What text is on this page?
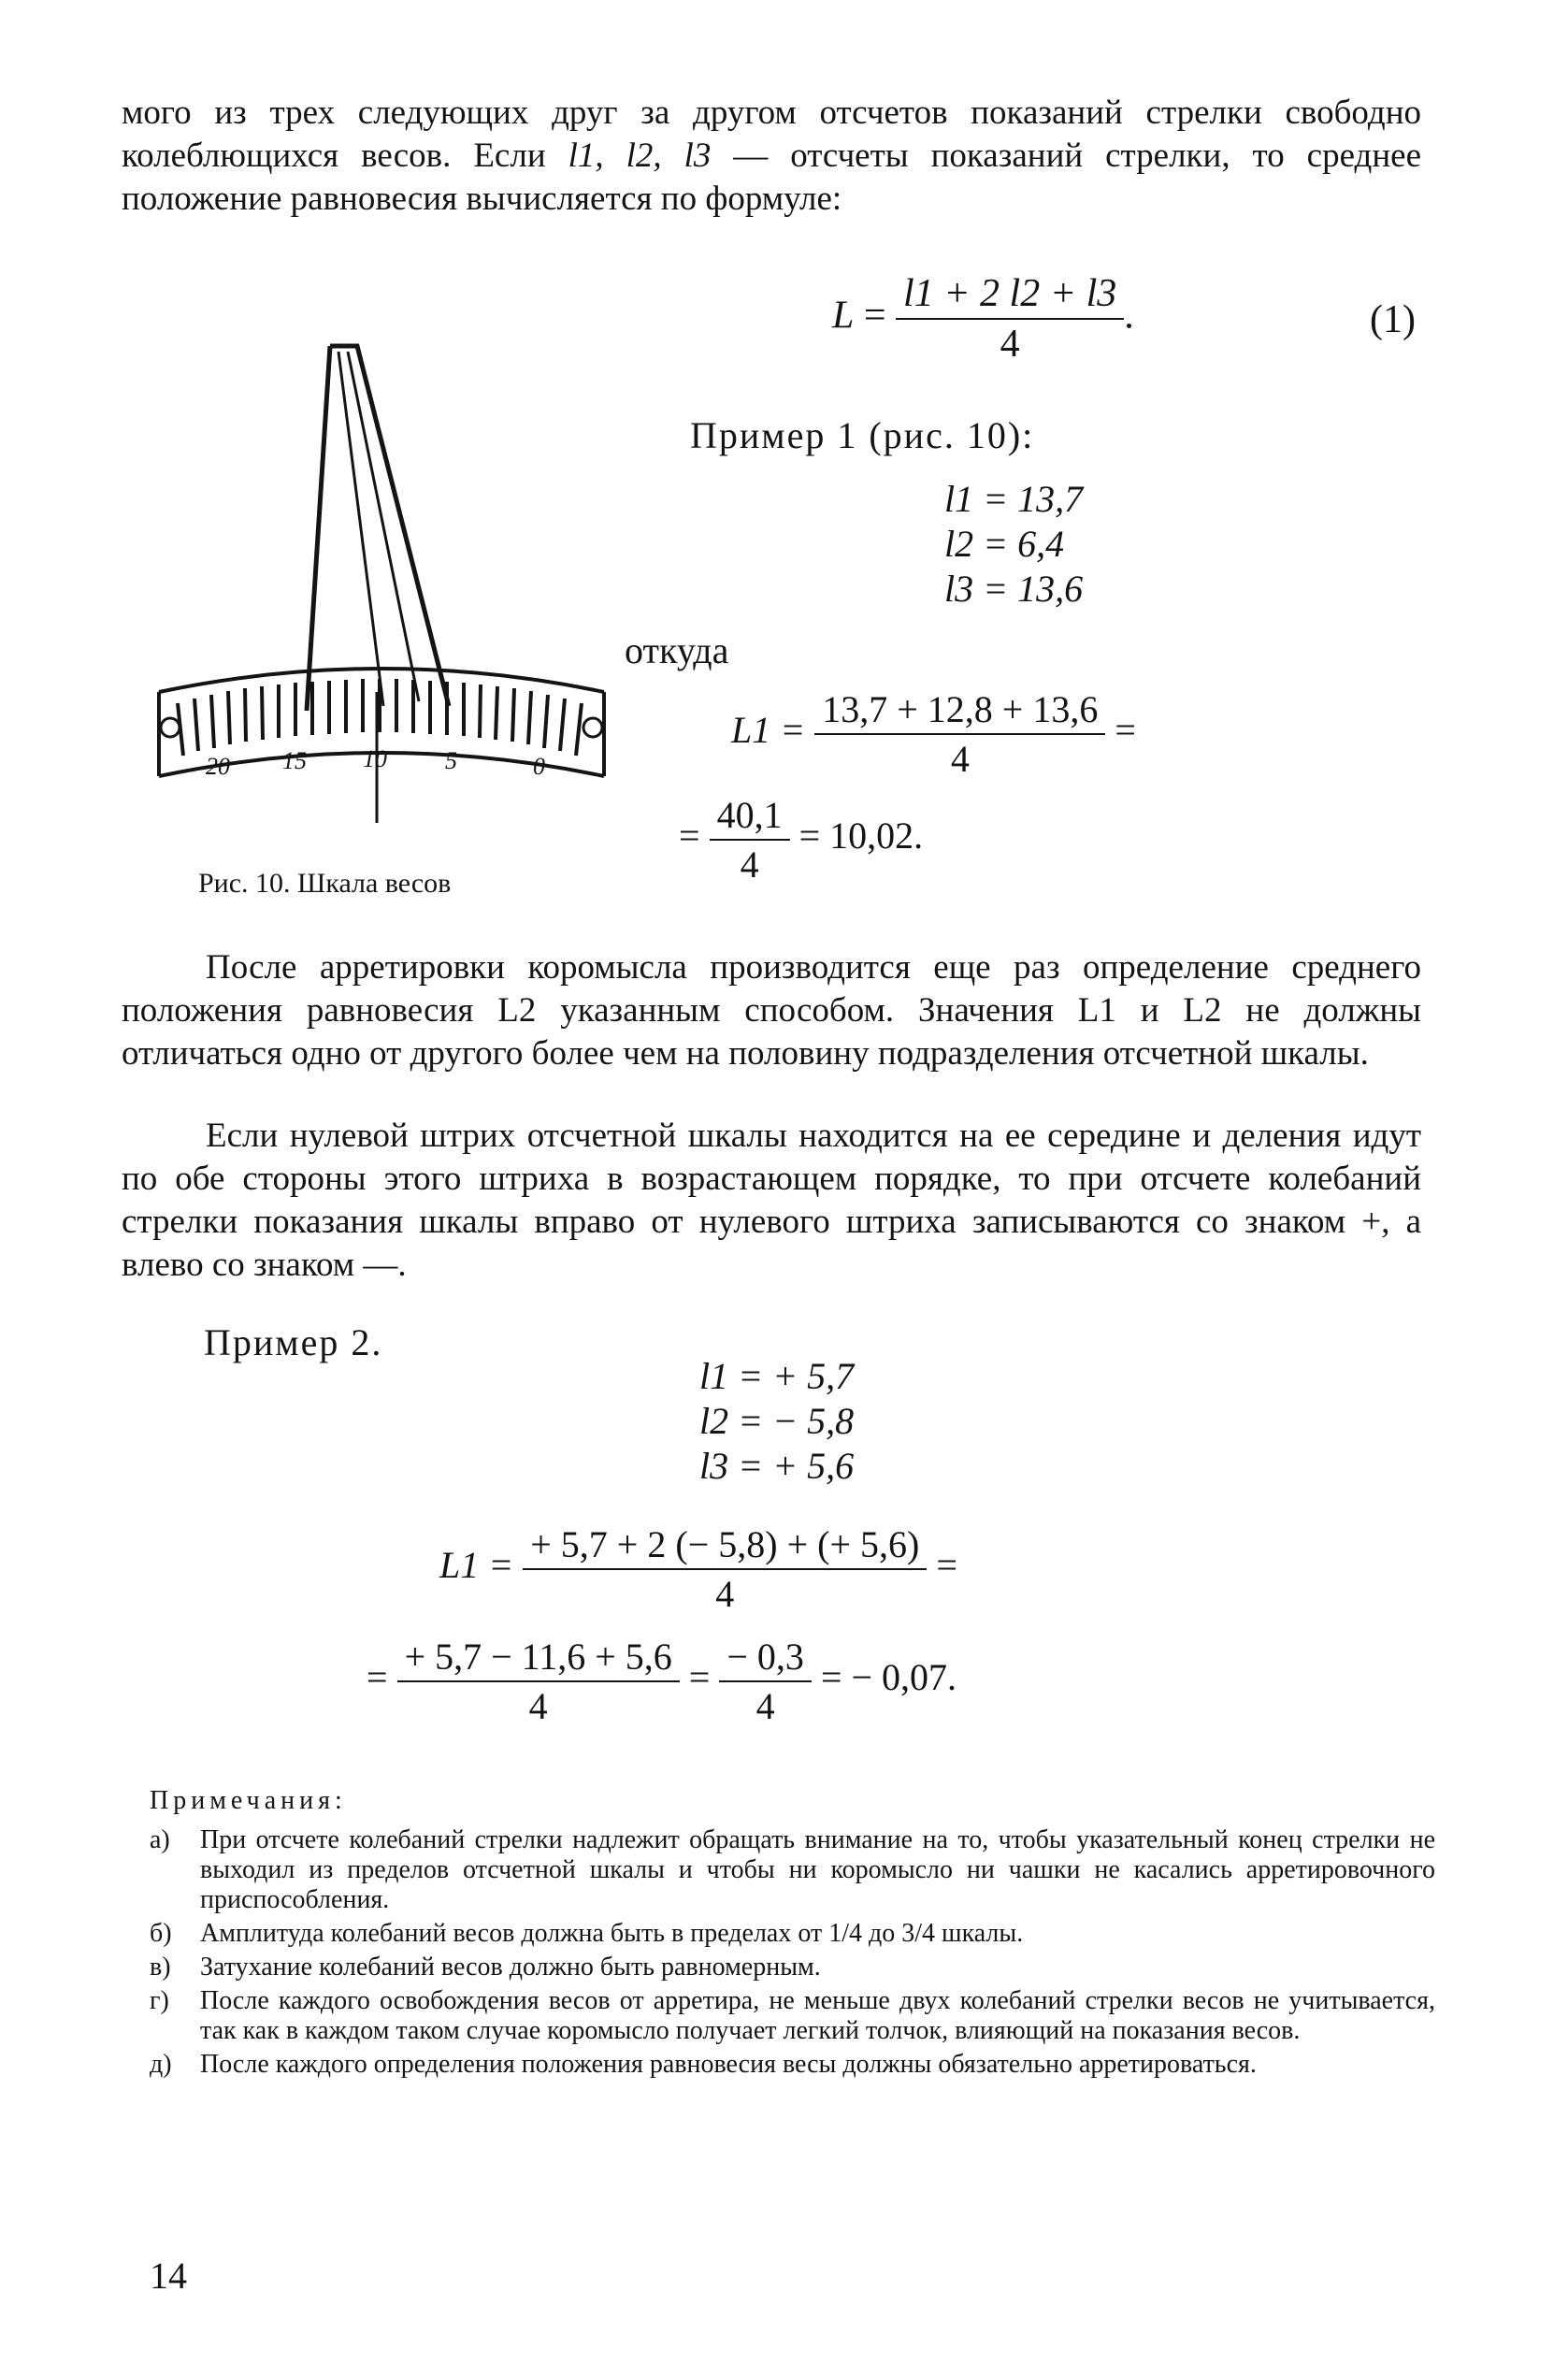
мого из трех следующих друг за другом отсчетов показаний стрелки свободно колеблющихся весов. Если l1, l2, l3 — отсчеты показаний стрелки, то среднее положение равновесия вычисляется по формуле:
$L = \frac{l1 + 2 l2 + l3}{4}$ .	(1)
20 15 10 5	0
Рис. 10. Шкала весов
Пример 1 (рис. 10):
l1 = 13,7
l2 = 6,4
l3 = 13,6
откуда
$L1 = \frac{13,7 + 12,8 + 13,6}{4}$ =
= $\frac{40,1}{4} = 10,02$.
После арретировки коромысла производится еще раз определение среднего положения равновесия L2 указанным способом. Значения L1 и L2 не должны отличаться одно от другого более чем на половину подразделения отсчетной шкалы.
Если нулевой штрих отсчетной шкалы находится на ее середине и деления идут по обе стороны этого штриха в возрастающем порядке, то при отсчете колебаний стрелки показания шкалы вправо от нулевого штриха записываются со знаком +, а влево со знаком —.
Пример 2.
l1 = + 5,7
l2 = − 5,8
l3 = + 5,6
$L1 = \frac{+ 5,7 + 2 (- 5,8) + (+ 5,6)}{4}$ =
= $\frac{+ 5,7 - 11,6 + 5,6}{4} = \frac{- 0,3}{4}$ = − 0,07.
Примечания:
а) При отсчете колебаний стрелки надлежит обращать внимание на то, чтобы указательный конец стрелки не выходил из пределов отсчетной шкалы и чтобы ни коромысло ни чашки не касались арретировочного приспособления.
б) Амплитуда колебаний весов должна быть в пределах от 1/4 до 3/4 шкалы.
в) Затухание колебаний весов должно быть равномерным.
г) После каждого освобождения весов от арретира, не меньше двух колебаний стрелки весов не учитывается, так как в каждом таком случае коромысло получает легкий толчок, влияющий на показания весов.
д) После каждого определения положения равновесия весы должны обязательно арретироваться.
14
